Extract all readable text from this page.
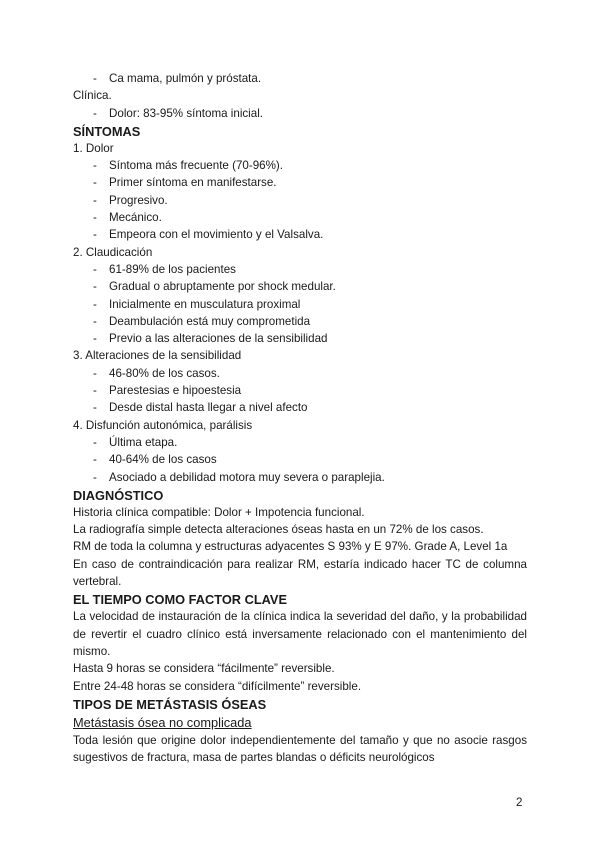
- Ca mama, pulmón y próstata.
Clínica.
- Dolor: 83-95% síntoma inicial.
SÍNTOMAS
1. Dolor
- Síntoma más frecuente (70-96%).
- Primer síntoma en manifestarse.
- Progresivo.
- Mecánico.
- Empeora con el movimiento y el Valsalva.
2. Claudicación
- 61-89% de los pacientes
- Gradual o abruptamente por shock medular.
- Inicialmente en musculatura proximal
- Deambulación está muy comprometida
- Previo a las alteraciones de la sensibilidad
3. Alteraciones de la sensibilidad
- 46-80% de los casos.
- Parestesias e hipoestesia
- Desde distal hasta llegar a nivel afecto
4. Disfunción autonómica, parálisis
- Última etapa.
- 40-64% de los casos
- Asociado a debilidad motora muy severa o paraplejia.
DIAGNÓSTICO
Historia clínica compatible: Dolor + Impotencia funcional.
La radiografía simple detecta alteraciones óseas hasta en un 72% de los casos.
RM de toda la columna y estructuras adyacentes S 93% y E 97%. Grade A, Level 1a
En caso de contraindicación para realizar RM, estaría indicado hacer TC de columna vertebral.
EL TIEMPO COMO FACTOR CLAVE
La velocidad de instauración de la clínica indica la severidad del daño, y la probabilidad de revertir el cuadro clínico está inversamente relacionado con el mantenimiento del mismo.
Hasta 9 horas se considera “fácilmente” reversible.
Entre 24-48 horas se considera “difícilmente” reversible.
TIPOS DE METÁSTASIS ÓSEAS
Metástasis ósea no complicada
Toda lesión que origine dolor independientemente del tamaño y que no asocie rasgos sugestivos de fractura, masa de partes blandas o déficits neurológicos
2
